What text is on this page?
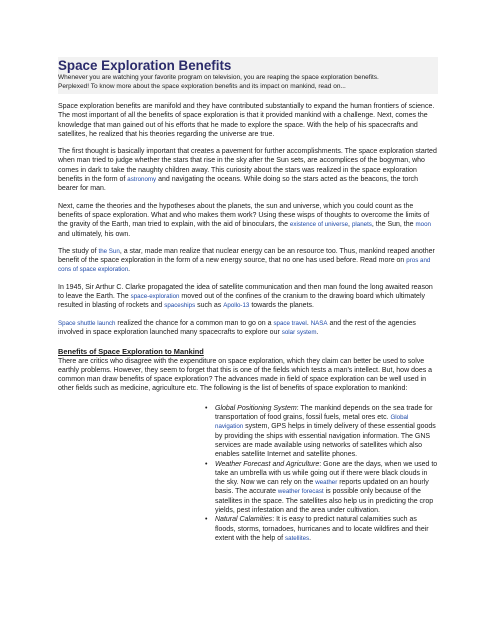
Space Exploration Benefits
Whenever you are watching your favorite program on television, you are reaping the space exploration benefits.
Perplexed! To know more about the space exploration benefits and its impact on mankind, read on...

Space exploration benefits are manifold and they have contributed substantially to expand the human frontiers of science. The most important of all the benefits of space exploration is that it provided mankind with a challenge. Next, comes the knowledge that man gained out of his efforts that he made to explore the space. With the help of his spacecrafts and satellites, he realized that his theories regarding the universe are true.

The first thought is basically important that creates a pavement for further accomplishments. The space exploration started when man tried to judge whether the stars that rise in the sky after the Sun sets, are accomplices of the bogyman, who comes in dark to take the naughty children away. This curiosity about the stars was realized in the space exploration benefits in the form of astronomy and navigating the oceans. While doing so the stars acted as the beacons, the torch bearer for man.

Next, came the theories and the hypotheses about the planets, the sun and universe, which you could count as the benefits of space exploration. What and who makes them work? Using these wisps of thoughts to overcome the limits of the gravity of the Earth, man tried to explain, with the aid of binoculars, the existence of universe, planets, the Sun, the moon and ultimately, his own.

The study of the Sun, a star, made man realize that nuclear energy can be an resource too. Thus, mankind reaped another benefit of the space exploration in the form of a new energy source, that no one has used before. Read more on pros and cons of space exploration.

In 1945, Sir Arthur C. Clarke propagated the idea of satellite communication and then man found the long awaited reason to leave the Earth. The space-exploration moved out of the confines of the cranium to the drawing board which ultimately resulted in blasting of rockets and spaceships such as Apollo-13 towards the planets.

Space shuttle launch realized the chance for a common man to go on a space travel. NASA and the rest of the agencies involved in space exploration launched many spacecrafts to explore our solar system.

Benefits of Space Exploration to Mankind

There are critics who disagree with the expenditure on space exploration, which they claim can better be used to solve earthly problems. However, they seem to forget that this is one of the fields which tests a man's intellect. But, how does a common man draw benefits of space exploration? The advances made in field of space exploration can be well used in other fields such as medicine, agriculture etc. The following is the list of benefits of space exploration to mankind:

• Global Positioning System: The mankind depends on the sea trade for transportation of food grains, fossil fuels, metal ores etc. Global navigation system, GPS helps in timely delivery of these essential goods by providing the ships with essential navigation information. The GNS services are made available using networks of satellites which also enables satellite Internet and satellite phones.
• Weather Forecast and Agriculture: Gone are the days, when we used to take an umbrella with us while going out if there were black clouds in the sky. Now we can rely on the weather reports updated on an hourly basis. The accurate weather forecast is possible only because of the satellites in the space. The satellites also help us in predicting the crop yields, pest infestation and the area under cultivation.
• Natural Calamities: It is easy to predict natural calamities such as floods, storms, tornadoes, hurricanes and to locate wildfires and their extent with the help of satellites.
